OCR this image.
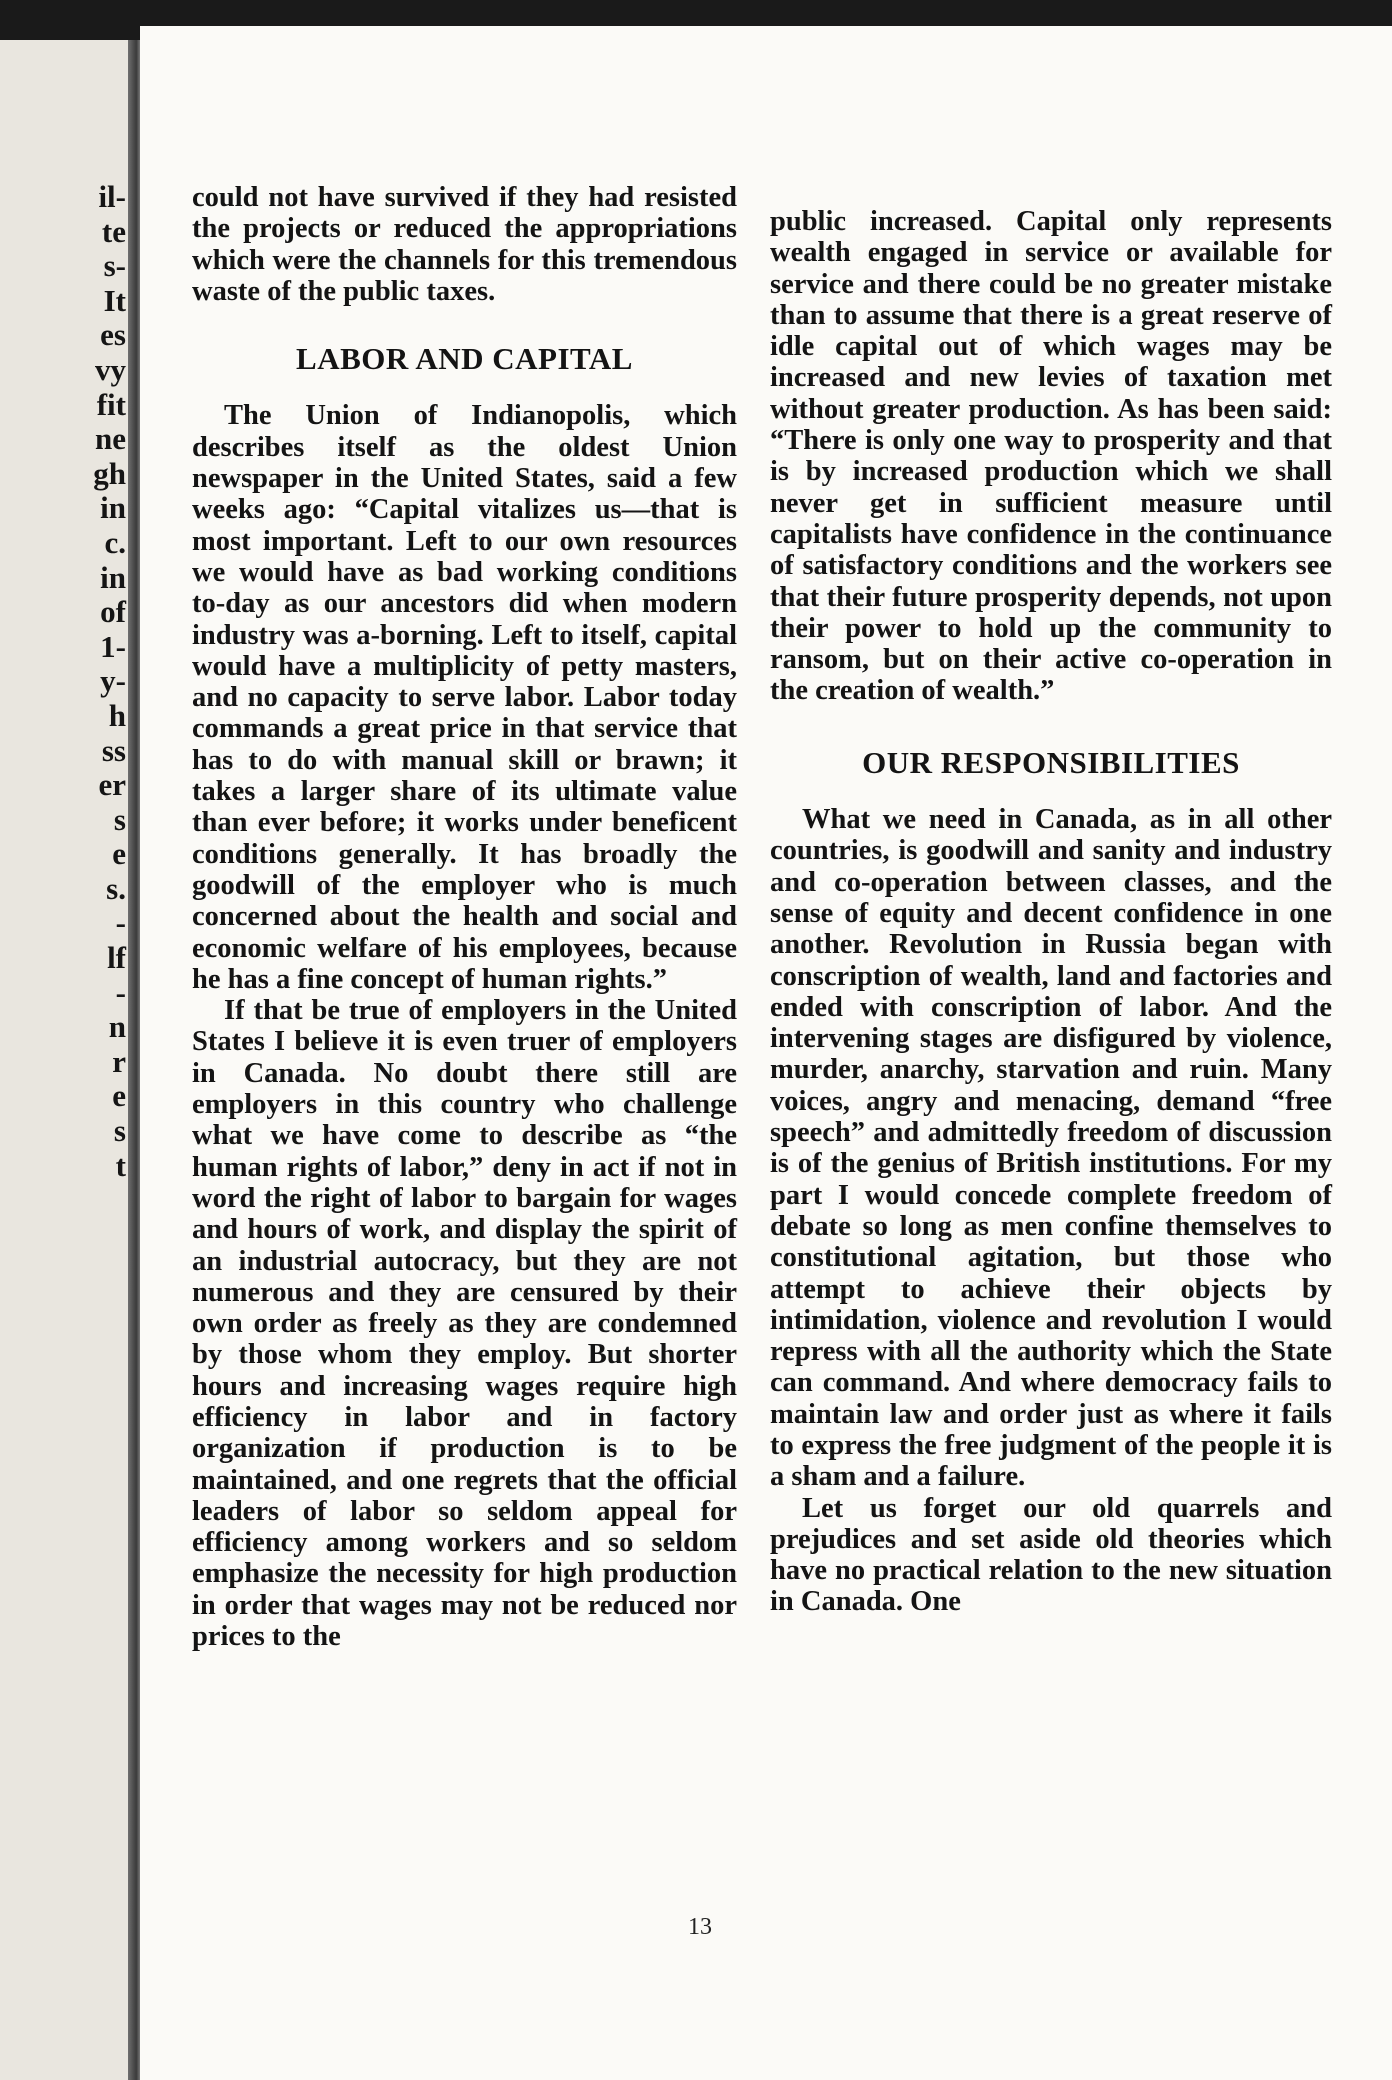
il-
te
s-
It
es
vy
fit
ne
gh
in
c.
in
of
1-
y-
h
ss
er
s
e
s.
-
lf
-
n
r
e
s
t

could not have survived if they had resisted the projects or reduced the appropriations which were the channels for this tremendous waste of the public taxes.

LABOR AND CAPITAL

The Union of Indianopolis, which describes itself as the oldest Union newspaper in the United States, said a few weeks ago: “Capital vitalizes us—that is most important. Left to our own resources we would have as bad working conditions to-day as our ancestors did when modern industry was a-borning. Left to itself, capital would have a multiplicity of petty masters, and no capacity to serve labor. Labor today commands a great price in that service that has to do with manual skill or brawn; it takes a larger share of its ultimate value than ever before; it works under beneficent conditions generally. It has broadly the goodwill of the employer who is much concerned about the health and social and economic welfare of his employees, because he has a fine concept of human rights.”

If that be true of employers in the United States I believe it is even truer of employers in Canada. No doubt there still are employers in this country who challenge what we have come to describe as “the human rights of labor,” deny in act if not in word the right of labor to bargain for wages and hours of work, and display the spirit of an industrial autocracy, but they are not numerous and they are censured by their own order as freely as they are condemned by those whom they employ. But shorter hours and increasing wages require high efficiency in labor and in factory organization if production is to be maintained, and one regrets that the official leaders of labor so seldom appeal for efficiency among workers and so seldom emphasize the necessity for high production in order that wages may not be reduced nor prices to the

public increased. Capital only represents wealth engaged in service or available for service and there could be no greater mistake than to assume that there is a great reserve of idle capital out of which wages may be increased and new levies of taxation met without greater production. As has been said: “There is only one way to prosperity and that is by increased production which we shall never get in sufficient measure until capitalists have confidence in the continuance of satisfactory conditions and the workers see that their future prosperity depends, not upon their power to hold up the community to ransom, but on their active co-operation in the creation of wealth.”

OUR RESPONSIBILITIES

What we need in Canada, as in all other countries, is goodwill and sanity and industry and co-operation between classes, and the sense of equity and decent confidence in one another. Revolution in Russia began with conscription of wealth, land and factories and ended with conscription of labor. And the intervening stages are disfigured by violence, murder, anarchy, starvation and ruin. Many voices, angry and menacing, demand “free speech” and admittedly freedom of discussion is of the genius of British institutions. For my part I would concede complete freedom of debate so long as men confine themselves to constitutional agitation, but those who attempt to achieve their objects by intimidation, violence and revolution I would repress with all the authority which the State can command. And where democracy fails to maintain law and order just as where it fails to express the free judgment of the people it is a sham and a failure.

Let us forget our old quarrels and prejudices and set aside old theories which have no practical relation to the new situation in Canada. One

13
